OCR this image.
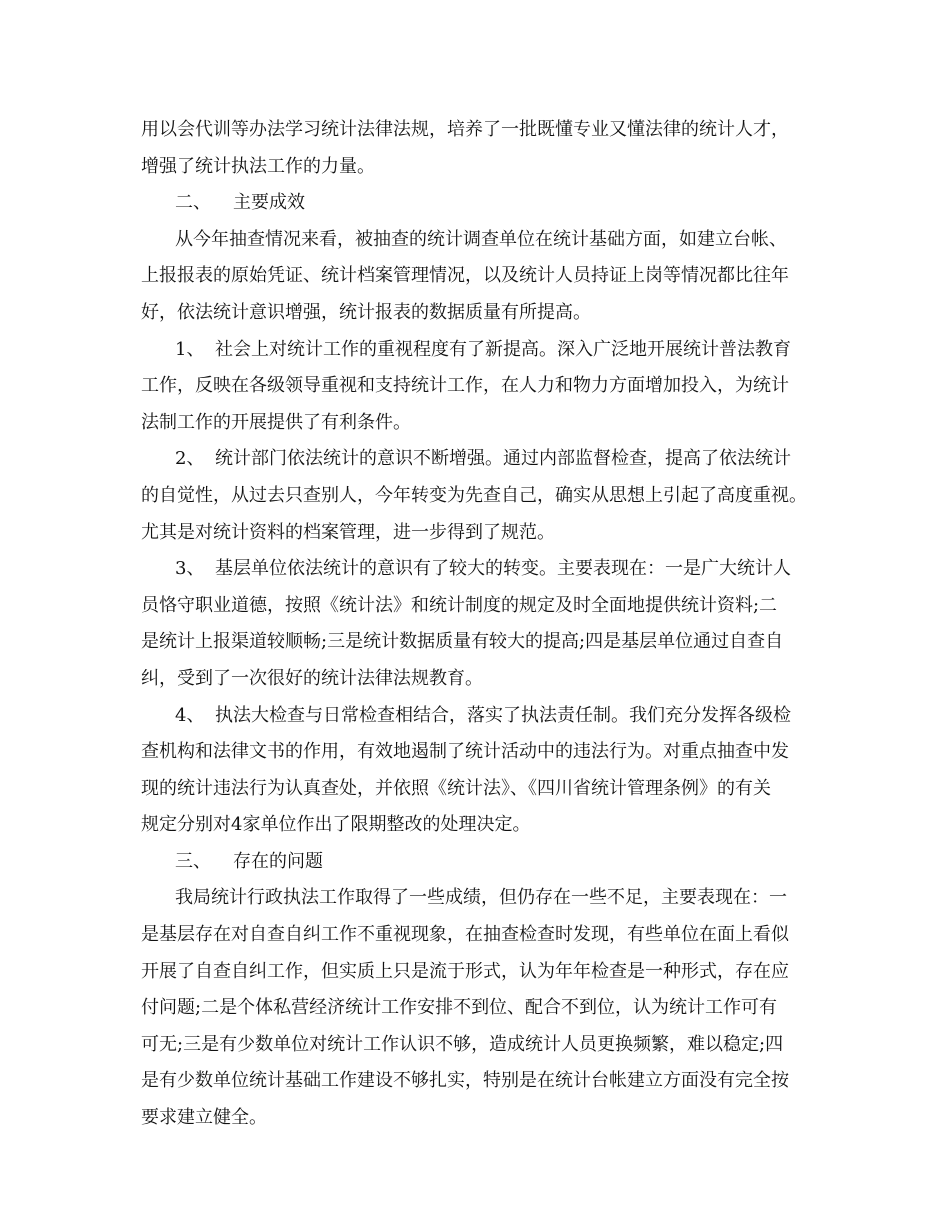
用以会代训等办法学习统计法律法规，培养了一批既懂专业又懂法律的统计人才，
增强了统计执法工作的力量。
二、 主要成效
从今年抽查情况来看，被抽查的统计调查单位在统计基础方面，如建立台帐、
上报报表的原始凭证、统计档案管理情况，以及统计人员持证上岗等情况都比往年
好，依法统计意识增强，统计报表的数据质量有所提高。
1、 社会上对统计工作的重视程度有了新提高。深入广泛地开展统计普法教育
工作，反映在各级领导重视和支持统计工作，在人力和物力方面增加投入，为统计
法制工作的开展提供了有利条件。
2、 统计部门依法统计的意识不断增强。通过内部监督检查，提高了依法统计
的自觉性，从过去只查别人，今年转变为先查自己，确实从思想上引起了高度重视。
尤其是对统计资料的档案管理，进一步得到了规范。
3、 基层单位依法统计的意识有了较大的转变。主要表现在：一是广大统计人
员恪守职业道德，按照《统计法》和统计制度的规定及时全面地提供统计资料;二
是统计上报渠道较顺畅;三是统计数据质量有较大的提高;四是基层单位通过自查自
纠，受到了一次很好的统计法律法规教育。
4、 执法大检查与日常检查相结合，落实了执法责任制。我们充分发挥各级检
查机构和法律文书的作用，有效地遏制了统计活动中的违法行为。对重点抽查中发
现的统计违法行为认真查处，并依照《统计法》、《四川省统计管理条例》的有关
规定分别对4家单位作出了限期整改的处理决定。
三、 存在的问题
我局统计行政执法工作取得了一些成绩，但仍存在一些不足，主要表现在：一
是基层存在对自查自纠工作不重视现象，在抽查检查时发现，有些单位在面上看似
开展了自查自纠工作，但实质上只是流于形式，认为年年检查是一种形式，存在应
付问题;二是个体私营经济统计工作安排不到位、配合不到位，认为统计工作可有
可无;三是有少数单位对统计工作认识不够，造成统计人员更换频繁，难以稳定;四
是有少数单位统计基础工作建设不够扎实，特别是在统计台帐建立方面没有完全按
要求建立健全。
